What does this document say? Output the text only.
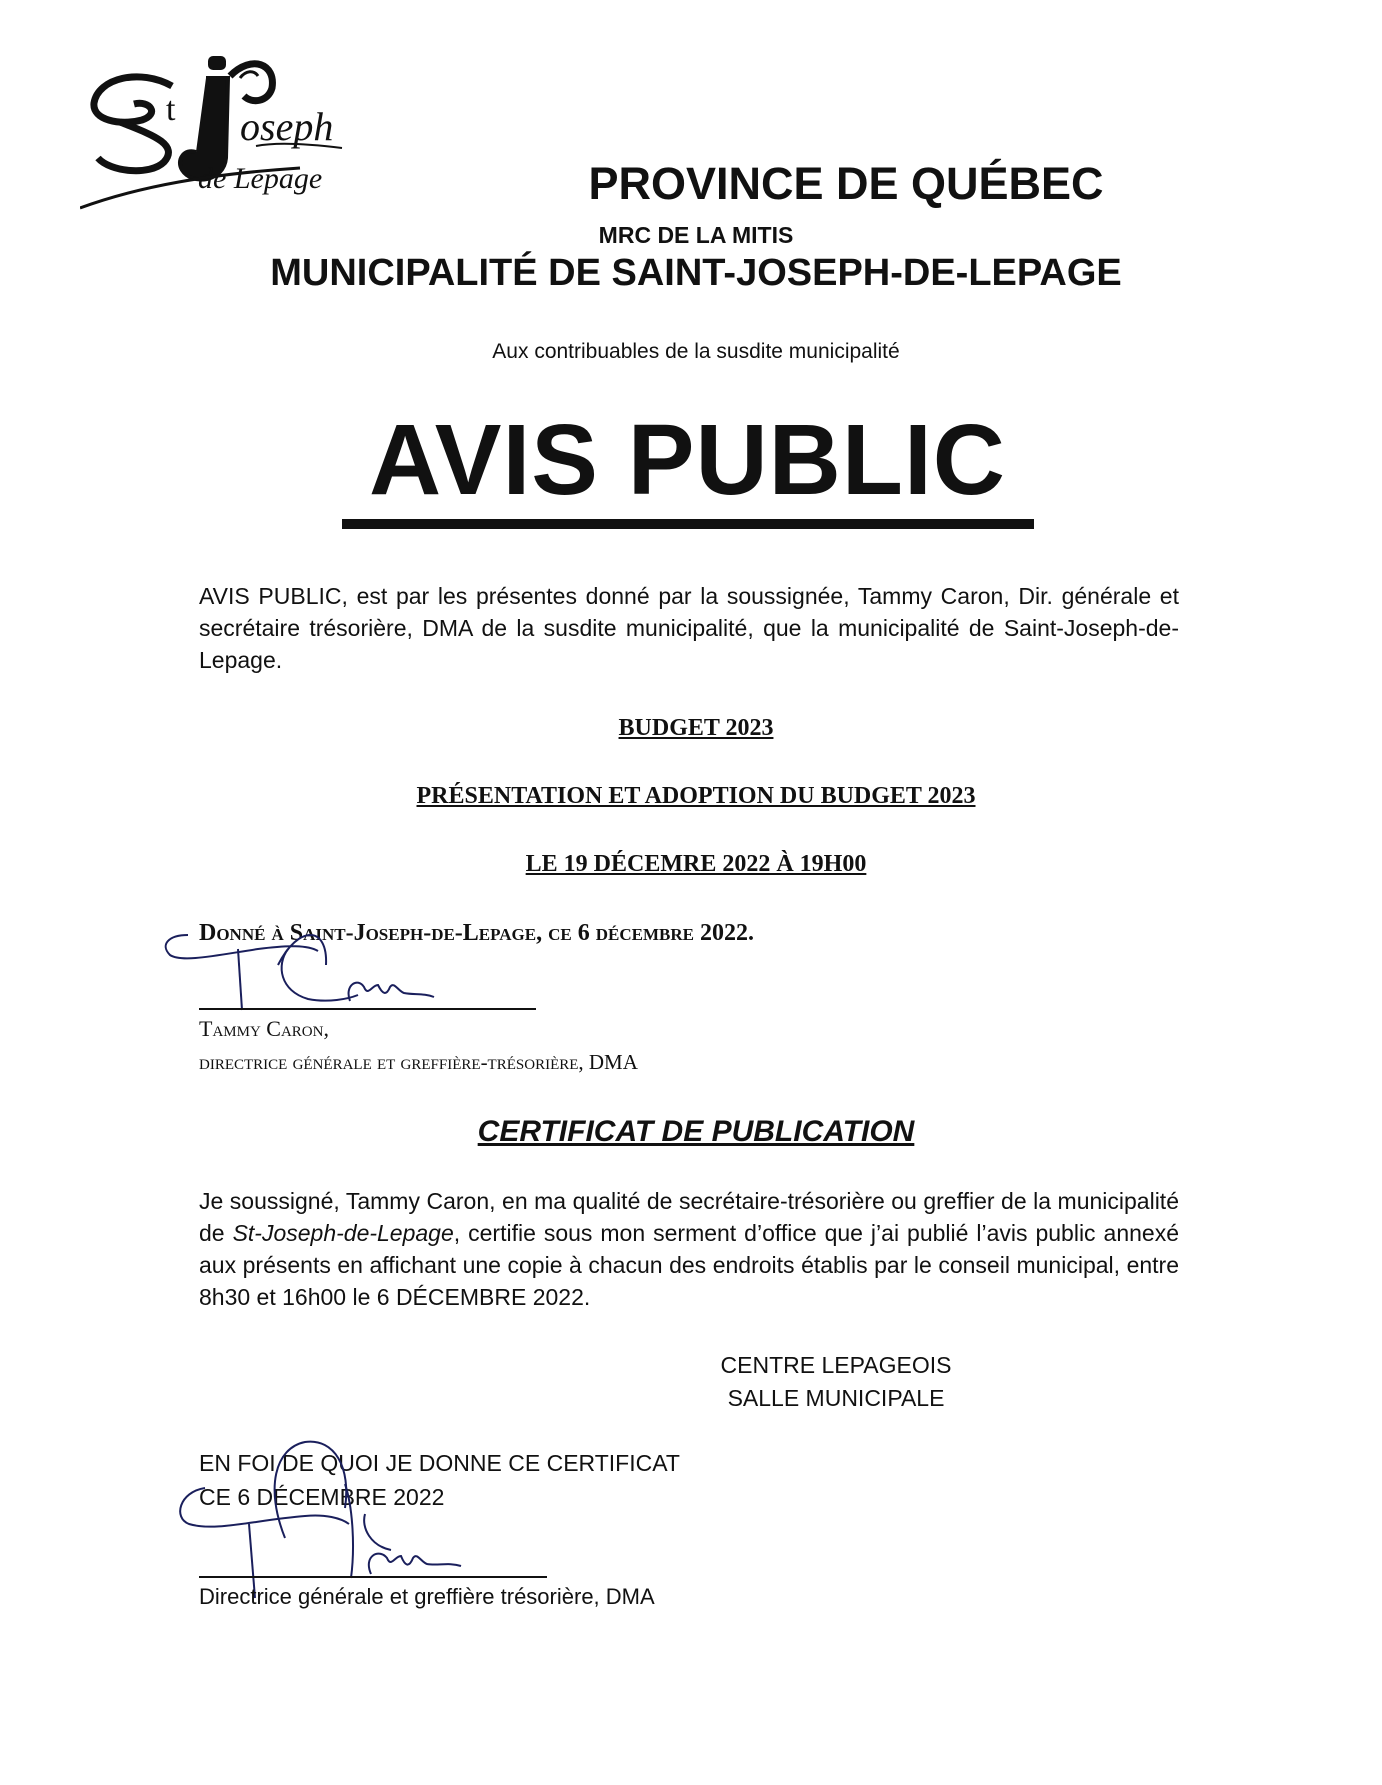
t oseph
de Lepage	PROVINCE DE QUÉBEC
MRC DE LA MITIS
MUNICIPALITÉ DE SAINT-JOSEPH-DE-LEPAGE
Aux contribuables de la susdite municipalité
AVIS PUBLIC
AVIS PUBLIC, est par les présentes donné par la soussignée, Tammy Caron, Dir. générale et secrétaire trésorière, DMA de la susdite municipalité, que la municipalité de Saint-Joseph-de-Lepage.
BUDGET 2023
PRÉSENTATION ET ADOPTION DU BUDGET 2023
LE 19 DÉCEMRE 2022 À 19H00
Donné à Saint-Joseph-de-Lepage, ce 6 décembre 2022.
Tammy Caron,
directrice générale et greffière-trésorière, DMA
CERTIFICAT DE PUBLICATION
Je soussigné, Tammy Caron, en ma qualité de secrétaire-trésorière ou greffier de la municipalité de St-Joseph-de-Lepage, certifie sous mon serment d’office que j’ai publié l’avis public annexé aux présents en affichant une copie à chacun des endroits établis par le conseil municipal, entre 8h30 et 16h00 le 6 DÉCEMBRE 2022.
CENTRE LEPAGEOIS
SALLE MUNICIPALE
EN FOI DE QUOI JE DONNE CE CERTIFICAT
CE 6 DÉCEMBRE 2022
Directrice générale et greffière trésorière, DMA
